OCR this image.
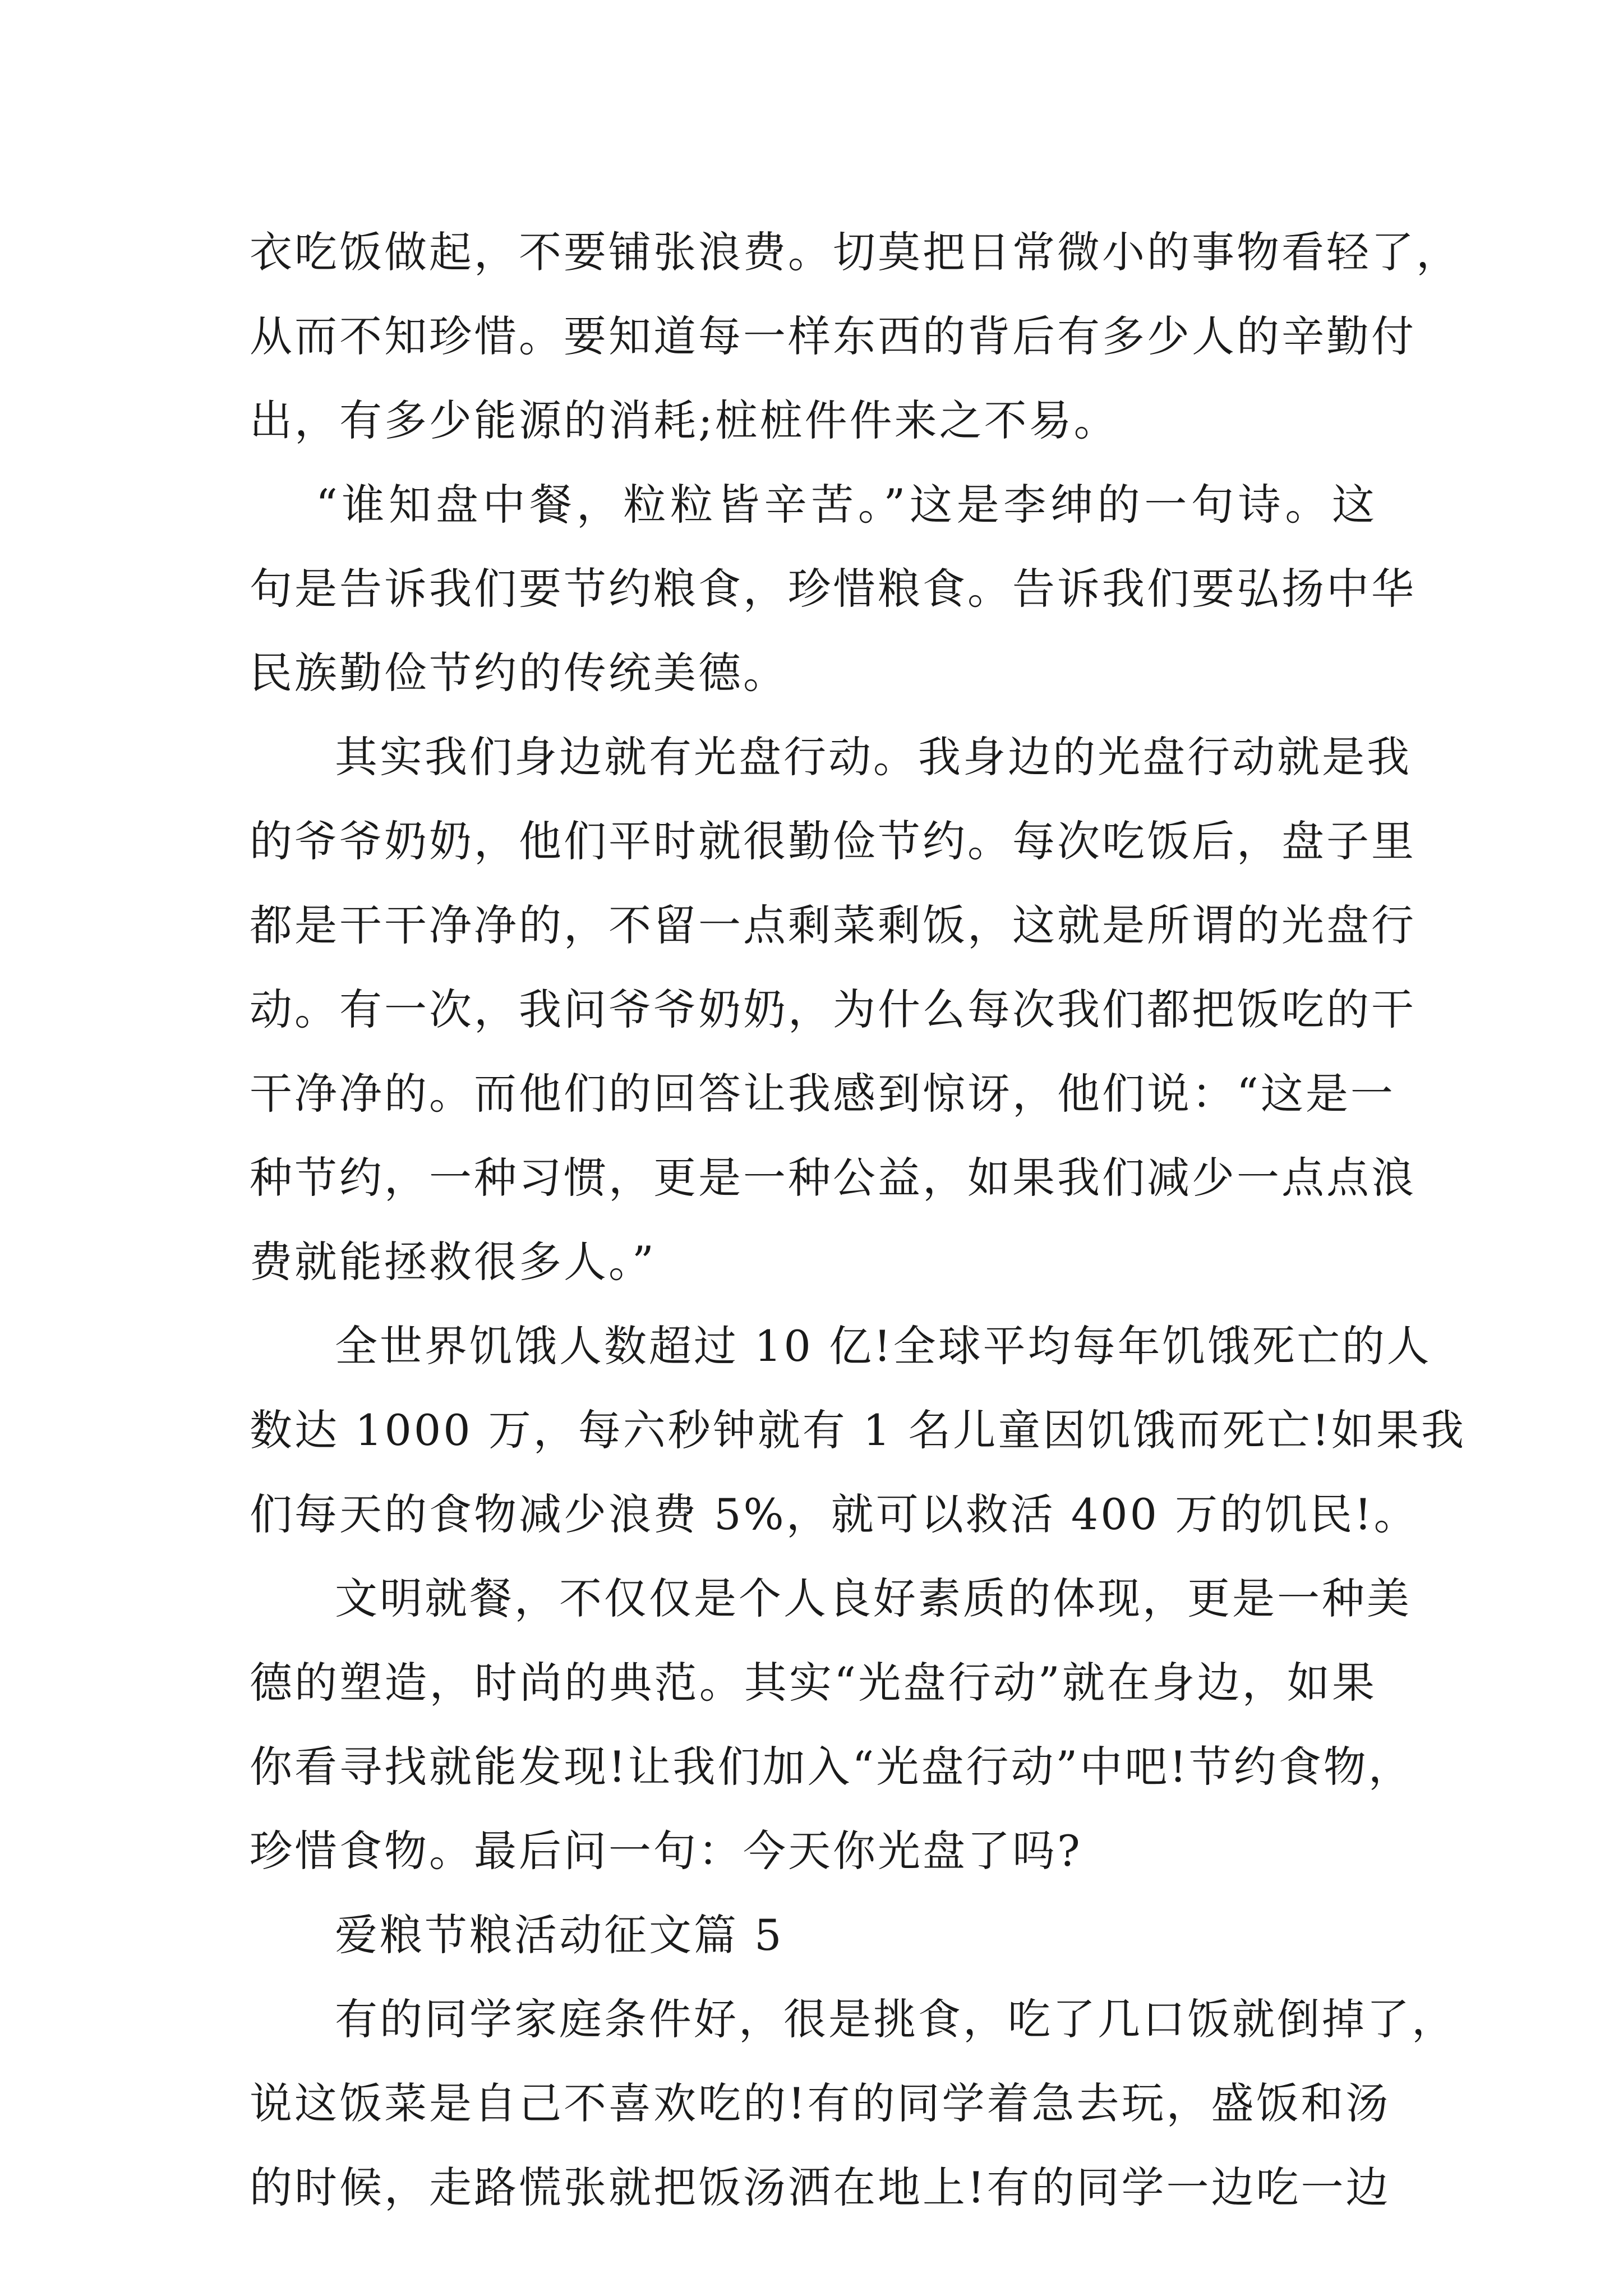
衣吃饭做起，不要铺张浪费。切莫把日常微小的事物看轻了，
从而不知珍惜。要知道每一样东西的背后有多少人的辛勤付
出，有多少能源的消耗;桩桩件件来之不易。

“谁知盘中餐，粒粒皆辛苦。”这是李绅的一句诗。这
句是告诉我们要节约粮食，珍惜粮食。告诉我们要弘扬中华
民族勤俭节约的传统美德。

其实我们身边就有光盘行动。我身边的光盘行动就是我
的爷爷奶奶，他们平时就很勤俭节约。每次吃饭后，盘子里
都是干干净净的，不留一点剩菜剩饭，这就是所谓的光盘行
动。有一次，我问爷爷奶奶，为什么每次我们都把饭吃的干
干净净的。而他们的回答让我感到惊讶，他们说：“这是一
种节约，一种习惯，更是一种公益，如果我们减少一点点浪
费就能拯救很多人。”

全世界饥饿人数超过 10 亿!全球平均每年饥饿死亡的人
数达 1000 万，每六秒钟就有 1 名儿童因饥饿而死亡!如果我
们每天的食物减少浪费 5%，就可以救活 400 万的饥民!。

文明就餐，不仅仅是个人良好素质的体现，更是一种美
德的塑造，时尚的典范。其实“光盘行动”就在身边，如果
你看寻找就能发现!让我们加入“光盘行动”中吧!节约食物，
珍惜食物。最后问一句：今天你光盘了吗?

爱粮节粮活动征文篇 5

有的同学家庭条件好，很是挑食，吃了几口饭就倒掉了，
说这饭菜是自己不喜欢吃的!有的同学着急去玩，盛饭和汤
的时候，走路慌张就把饭汤洒在地上!有的同学一边吃一边
